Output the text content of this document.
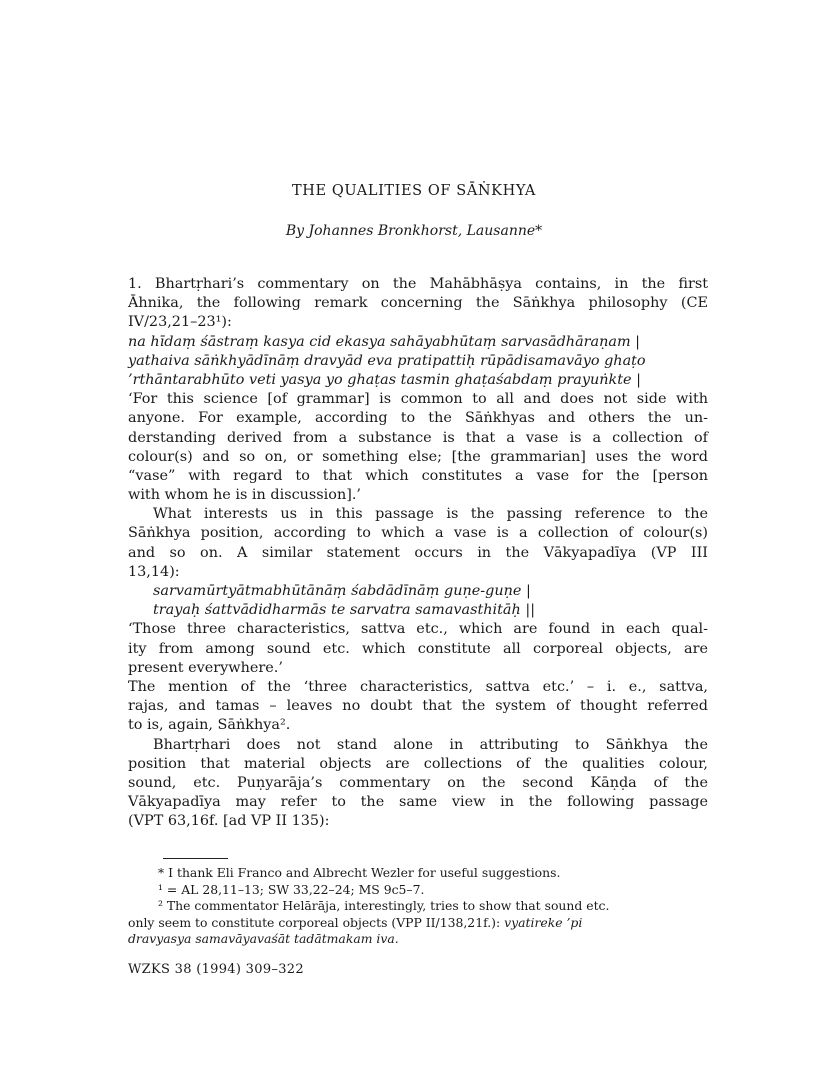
THE QUALITIES OF SĀṄKHYA
By Johannes Bronkhorst, Lausanne*
1. Bhartṛhari’s commentary on the Mahābhāṣya contains, in the first
Āhnika, the following remark concerning the Sāṅkhya philosophy (CE
IV/23,21–23¹):
na hīdaṃ śāstraṃ kasya cid ekasya sahāyabhūtaṃ sarvasādhāraṇam |
yathaiva sāṅkhyādīnāṃ dravyād eva pratipattiḥ rūpādisamavāyo ghaṭo
’rthāntarabhūto veti yasya yo ghaṭas tasmin ghaṭaśabdaṃ prayuṅkte |
‘For this science [of grammar] is common to all and does not side with
anyone. For example, according to the Sāṅkhyas and others the un-
derstanding derived from a substance is that a vase is a collection of
colour(s) and so on, or something else; [the grammarian] uses the word
“vase” with regard to that which constitutes a vase for the [person
with whom he is in discussion].’
What interests us in this passage is the passing reference to the
Sāṅkhya position, according to which a vase is a collection of colour(s)
and so on. A similar statement occurs in the Vākyapadīya (VP III
13,14):
sarvamūrtyātmabhūtānāṃ śabdādīnāṃ guṇe-guṇe |
trayaḥ śattvādidharmās te sarvatra samavasthitāḥ ||
‘Those three characteristics, sattva etc., which are found in each qual-
ity from among sound etc. which constitute all corporeal objects, are
present everywhere.’
The mention of the ‘three characteristics, sattva etc.’ – i. e., sattva,
rajas, and tamas – leaves no doubt that the system of thought referred
to is, again, Sāṅkhya².
Bhartṛhari does not stand alone in attributing to Sāṅkhya the
position that material objects are collections of the qualities colour,
sound, etc. Puṇyarāja’s commentary on the second Kāṇḍa of the
Vākyapadīya may refer to the same view in the following passage
(VPT 63,16f. [ad VP II 135):
* I thank Eli Franco and Albrecht Wezler for useful suggestions.
¹ = AL 28,11–13; SW 33,22–24; MS 9c5–7.
² The commentator Helārāja, interestingly, tries to show that sound etc.
only seem to constitute corporeal objects (VPP II/138,21f.): vyatireke ’pi
dravyasya samavāyavaśāt tadātmakam iva.
WZKS 38 (1994) 309–322
